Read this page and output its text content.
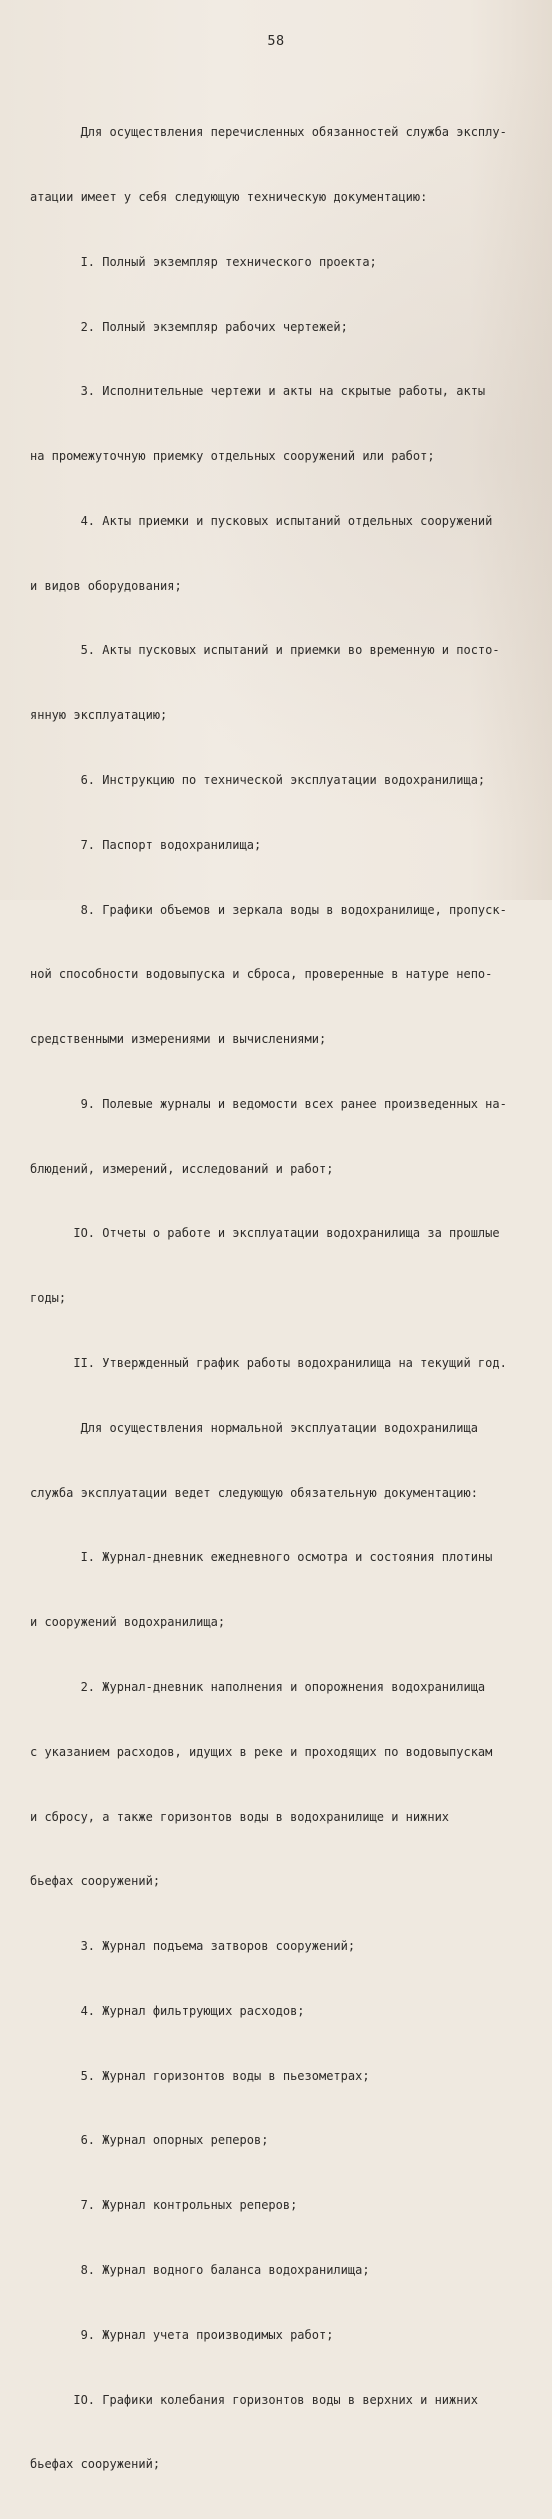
58

Для осуществления перечисленных обязанностей служба эксплу-

атации имеет у себя следующую техническую документацию:

I. Полный экземпляр технического проекта;

2. Полный экземпляр рабочих чертежей;

3. Исполнительные чертежи и акты на скрытые работы, акты

на промежуточную приемку отдельных сооружений или работ;

4. Акты приемки и пусковых испытаний отдельных сооружений

и видов оборудования;

5. Акты пусковых испытаний и приемки во временную и посто-

янную эксплуатацию;

6. Инструкцию по технической эксплуатации водохранилища;

7. Паспорт водохранилища;

8. Графики объемов и зеркала воды в водохранилище, пропуск-

ной способности водовыпуска и сброса, проверенные в натуре непо-

средственными измерениями и вычислениями;

9. Полевые журналы и ведомости всех ранее произведенных на-

блюдений, измерений, исследований и работ;

IO. Отчеты о работе и эксплуатации водохранилища за прошлые

годы;

II. Утвержденный график работы водохранилища на текущий год.

Для осуществления нормальной эксплуатации водохранилища

служба эксплуатации ведет следующую обязательную документацию:

I. Журнал-дневник ежедневного осмотра и состояния плотины

и сооружений водохранилища;

2. Журнал-дневник наполнения и опорожнения водохранилища

с указанием расходов, идущих в реке и проходящих по водовыпускам

и сбросу, а также горизонтов воды в водохранилище и нижних

бьефах сооружений;

3. Журнал подъема затворов сооружений;

4. Журнал фильтрующих расходов;

5. Журнал горизонтов воды в пьезометрах;

6. Журнал опорных реперов;

7. Журнал контрольных реперов;

8. Журнал водного баланса водохранилища;

9. Журнал учета производимых работ;

IO. Графики колебания горизонтов воды в верхних и нижних

бьефах сооружений;
